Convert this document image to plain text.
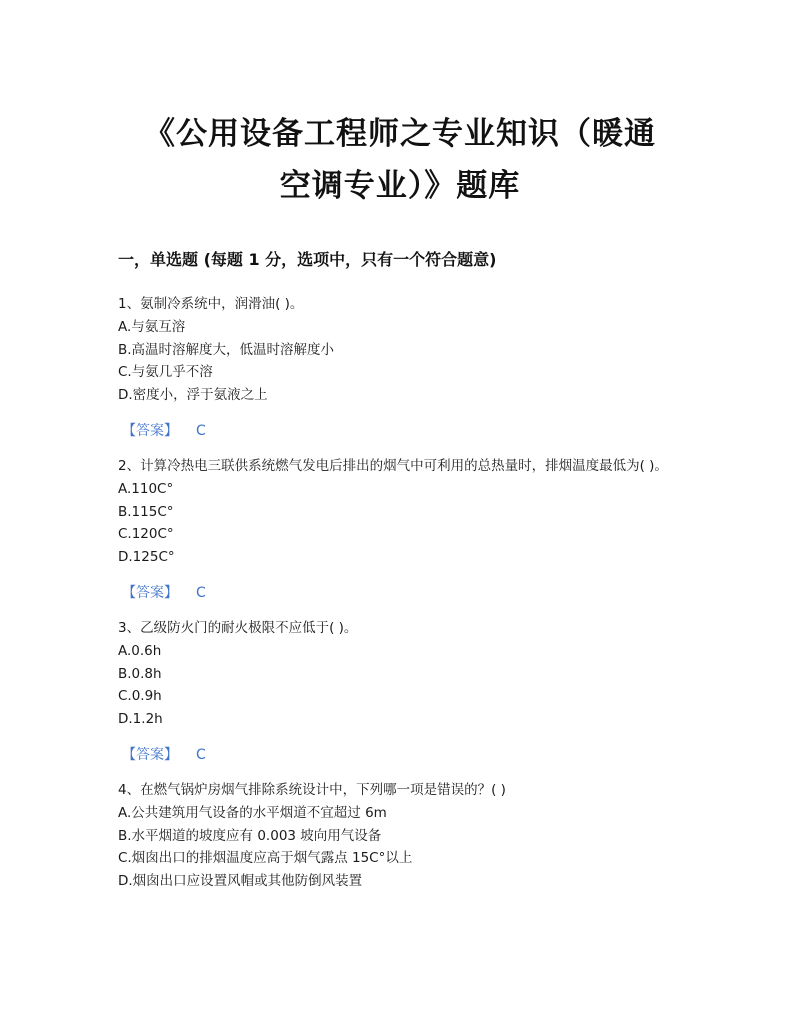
《公用设备工程师之专业知识（暖通
空调专业）》题库
一，单选题 (每题 1 分，选项中，只有一个符合题意)

1、氨制冷系统中，润滑油( )。

A.与氨互溶

B.高温时溶解度大，低温时溶解度小

C.与氨几乎不溶

D.密度小，浮于氨液之上

【答案】 C

2、计算冷热电三联供系统燃气发电后排出的烟气中可利用的总热量时，排烟温度最低为( )。

A.110C°

B.115C°

C.120C°

D.125C°

【答案】 C

3、乙级防火门的耐火极限不应低于( )。

A.0.6h

B.0.8h

C.0.9h

D.1.2h

【答案】 C

4、在燃气锅炉房烟气排除系统设计中，下列哪一项是错误的？( )

A.公共建筑用气设备的水平烟道不宜超过 6m

B.水平烟道的坡度应有 0.003 坡向用气设备

C.烟囱出口的排烟温度应高于烟气露点 15C°以上

D.烟囱出口应设置风帽或其他防倒风装置
